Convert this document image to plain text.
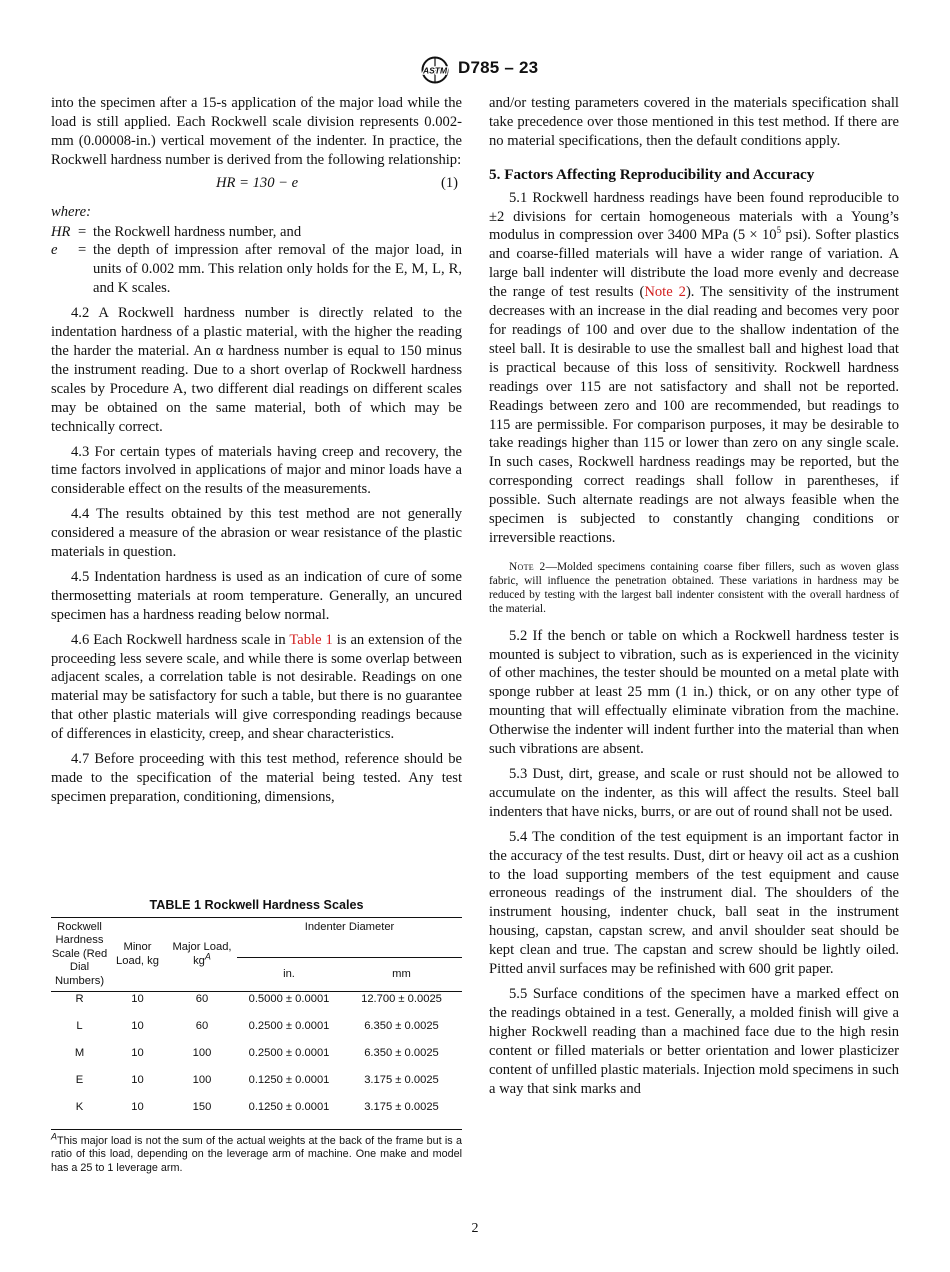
ASTM D785 – 23

into the specimen after a 15-s application of the major load while the load is still applied. Each Rockwell scale division represents 0.002-mm (0.00008-in.) vertical movement of the indenter. In practice, the Rockwell hardness number is derived from the following relationship:

HR = 130 − e	(1)

where:

HR = the Rockwell hardness number, and
e	= the depth of impression after removal of the major load, in units of 0.002 mm. This relation only holds for the E, M, L, R, and K scales.

4.2 A Rockwell hardness number is directly related to the indentation hardness of a plastic material, with the higher the reading the harder the material. An α hardness number is equal to 150 minus the instrument reading. Due to a short overlap of Rockwell hardness scales by Procedure A, two different dial readings on different scales may be obtained on the same material, both of which may be technically correct.

4.3 For certain types of materials having creep and recovery, the time factors involved in applications of major and minor loads have a considerable effect on the results of the measurements.

4.4 The results obtained by this test method are not generally considered a measure of the abrasion or wear resistance of the plastic materials in question.

4.5 Indentation hardness is used as an indication of cure of some thermosetting materials at room temperature. Generally, an uncured specimen has a hardness reading below normal.

4.6 Each Rockwell hardness scale in Table 1 is an extension of the proceeding less severe scale, and while there is some overlap between adjacent scales, a correlation table is not desirable. Readings on one material may be satisfactory for such a table, but there is no guarantee that other plastic materials will give corresponding readings because of differences in elasticity, creep, and shear characteristics.

4.7 Before proceeding with this test method, reference should be made to the specification of the material being tested. Any test specimen preparation, conditioning, dimensions,

TABLE 1 Rockwell Hardness Scales
Rockwell Hardness Scale (Red Dial Numbers)	Minor Load, kg	Major Load, $kg^A$	Indenter Diameter	
			in.	mm
R	10	60	0.5000 ± 0.0001	12.700 ± 0.0025
L	10	60	0.2500 ± 0.0001	6.350 ± 0.0025
M	10	100	0.2500 ± 0.0001	6.350 ± 0.0025
E	10	100	0.1250 ± 0.0001	3.175 ± 0.0025
K	10	150	0.1250 ± 0.0001	3.175 ± 0.0025
$^A$This major load is not the sum of the actual weights at the back of the frame but is a ratio of this load, depending on the leverage arm of machine. One make and model has a 25 to 1 leverage arm.

and/or testing parameters covered in the materials specification shall take precedence over those mentioned in this test method. If there are no material specifications, then the default conditions apply.

5. Factors Affecting Reproducibility and Accuracy

5.1 Rockwell hardness readings have been found reproducible to ±2 divisions for certain homogeneous materials with a Young’s modulus in compression over 3400 MPa ($5 \times 10^5$ psi). Softer plastics and coarse-filled materials will have a wider range of variation. A large ball indenter will distribute the load more evenly and decrease the range of test results (Note 2). The sensitivity of the instrument decreases with an increase in the dial reading and becomes very poor for readings of 100 and over due to the shallow indentation of the steel ball. It is desirable to use the smallest ball and highest load that is practical because of this loss of sensitivity. Rockwell hardness readings over 115 are not satisfactory and shall not be reported. Readings between zero and 100 are recommended, but readings to 115 are permissible. For comparison purposes, it may be desirable to take readings higher than 115 or lower than zero on any single scale. In such cases, Rockwell hardness readings may be reported, but the corresponding correct readings shall follow in parentheses, if possible. Such alternate readings are not always feasible when the specimen is subjected to constantly changing conditions or irreversible reactions.

Note 2—Molded specimens containing coarse fiber fillers, such as woven glass fabric, will influence the penetration obtained. These variations in hardness may be reduced by testing with the largest ball indenter consistent with the overall hardness of the material.

5.2 If the bench or table on which a Rockwell hardness tester is mounted is subject to vibration, such as is experienced in the vicinity of other machines, the tester should be mounted on a metal plate with sponge rubber at least 25 mm (1 in.) thick, or on any other type of mounting that will effectually eliminate vibration from the machine. Otherwise the indenter will indent further into the material than when such vibrations are absent.

5.3 Dust, dirt, grease, and scale or rust should not be allowed to accumulate on the indenter, as this will affect the results. Steel ball indenters that have nicks, burrs, or are out of round shall not be used.

5.4 The condition of the test equipment is an important factor in the accuracy of the test results. Dust, dirt or heavy oil act as a cushion to the load supporting members of the test equipment and cause erroneous readings of the instrument dial. The shoulders of the instrument housing, indenter chuck, ball seat in the instrument housing, capstan, capstan screw, and anvil shoulder seat should be kept clean and true. The capstan and screw should be lightly oiled. Pitted anvil surfaces may be refinished with 600 grit paper.

5.5 Surface conditions of the specimen have a marked effect on the readings obtained in a test. Generally, a molded finish will give a higher Rockwell reading than a machined face due to the high resin content or filled materials or better orientation and lower plasticizer content of unfilled plastic materials. Injection mold specimens in such a way that sink marks and

2
